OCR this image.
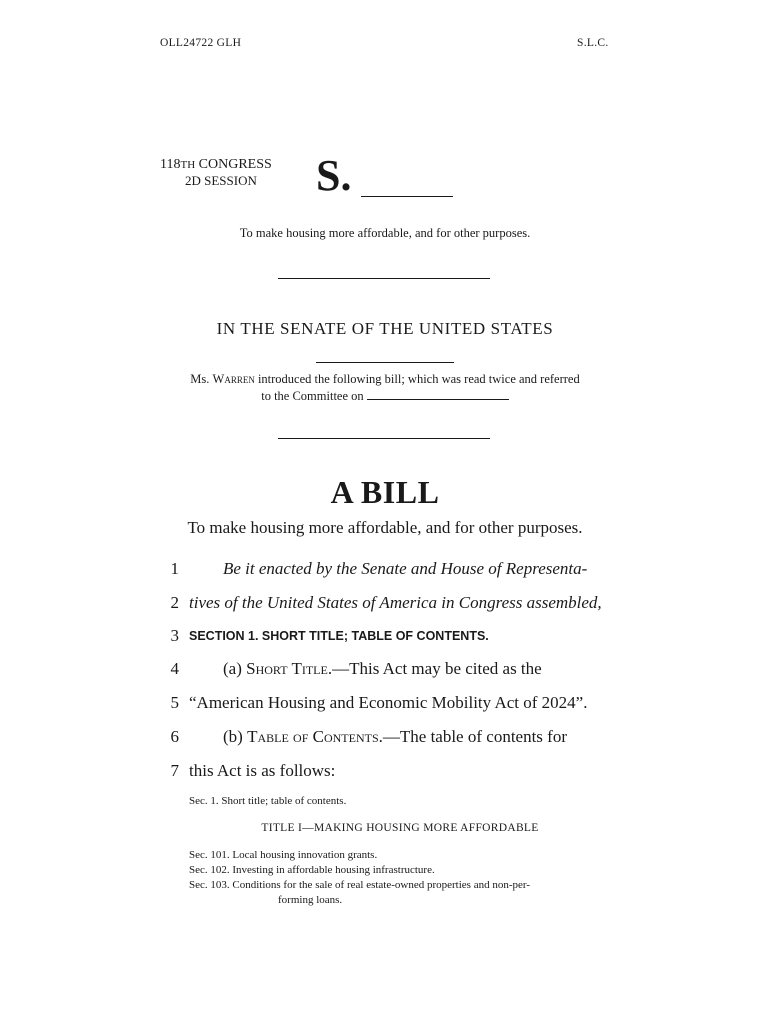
OLL24722 GLH	S.L.C.
118TH CONGRESS
2D SESSION S.
To make housing more affordable, and for other purposes.
IN THE SENATE OF THE UNITED STATES
Ms. Warren introduced the following bill; which was read twice and referred
to the Committee on
A BILL
To make housing more affordable, and for other purposes.
1	Be it enacted by the Senate and House of Representa-
2 tives of the United States of America in Congress assembled,
3 SECTION 1. SHORT TITLE; TABLE OF CONTENTS.
4	(a) Short Title.—This Act may be cited as the
5 “American Housing and Economic Mobility Act of 2024”.
6	(b) Table of Contents.—The table of contents for
7 this Act is as follows:
Sec. 1. Short title; table of contents.
TITLE I—MAKING HOUSING MORE AFFORDABLE
Sec. 101. Local housing innovation grants.
Sec. 102. Investing in affordable housing infrastructure.
Sec. 103. Conditions for the sale of real estate-owned properties and non-per-
forming loans.
